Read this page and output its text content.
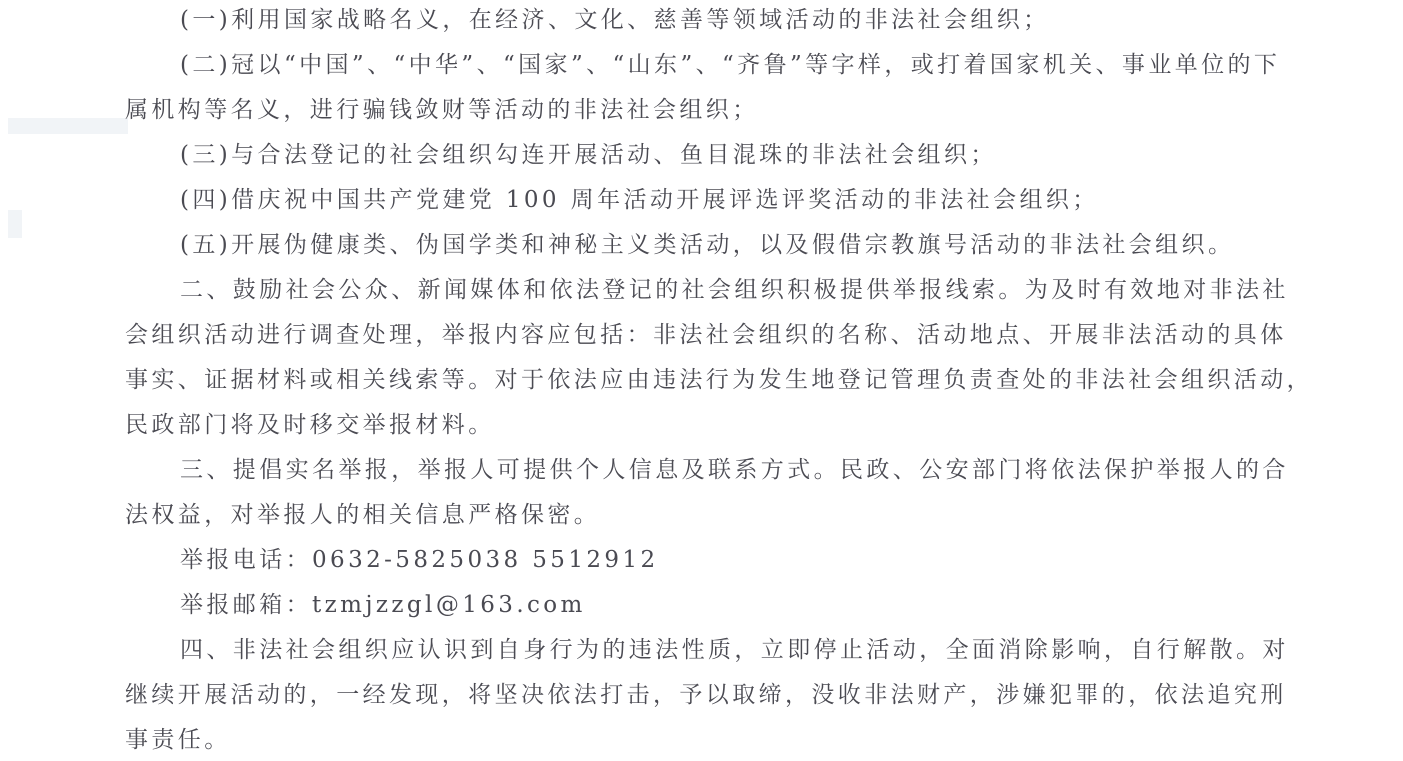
(一)利用国家战略名义，在经济、文化、慈善等领域活动的非法社会组织；
(二)冠以“中国”、“中华”、“国家”、“山东”、“齐鲁”等字样，或打着国家机关、事业单位的下
属机构等名义，进行骗钱敛财等活动的非法社会组织；
(三)与合法登记的社会组织勾连开展活动、鱼目混珠的非法社会组织；
(四)借庆祝中国共产党建党 100 周年活动开展评选评奖活动的非法社会组织；
(五)开展伪健康类、伪国学类和神秘主义类活动，以及假借宗教旗号活动的非法社会组织。
二、鼓励社会公众、新闻媒体和依法登记的社会组织积极提供举报线索。为及时有效地对非法社
会组织活动进行调查处理，举报内容应包括：非法社会组织的名称、活动地点、开展非法活动的具体
事实、证据材料或相关线索等。对于依法应由违法行为发生地登记管理负责查处的非法社会组织活动，
民政部门将及时移交举报材料。
三、提倡实名举报，举报人可提供个人信息及联系方式。民政、公安部门将依法保护举报人的合
法权益，对举报人的相关信息严格保密。
举报电话：0632-5825038 5512912
举报邮箱：tzmjzzgl@163.com
四、非法社会组织应认识到自身行为的违法性质，立即停止活动，全面消除影响，自行解散。对
继续开展活动的，一经发现，将坚决依法打击，予以取缔，没收非法财产，涉嫌犯罪的，依法追究刑
事责任。
